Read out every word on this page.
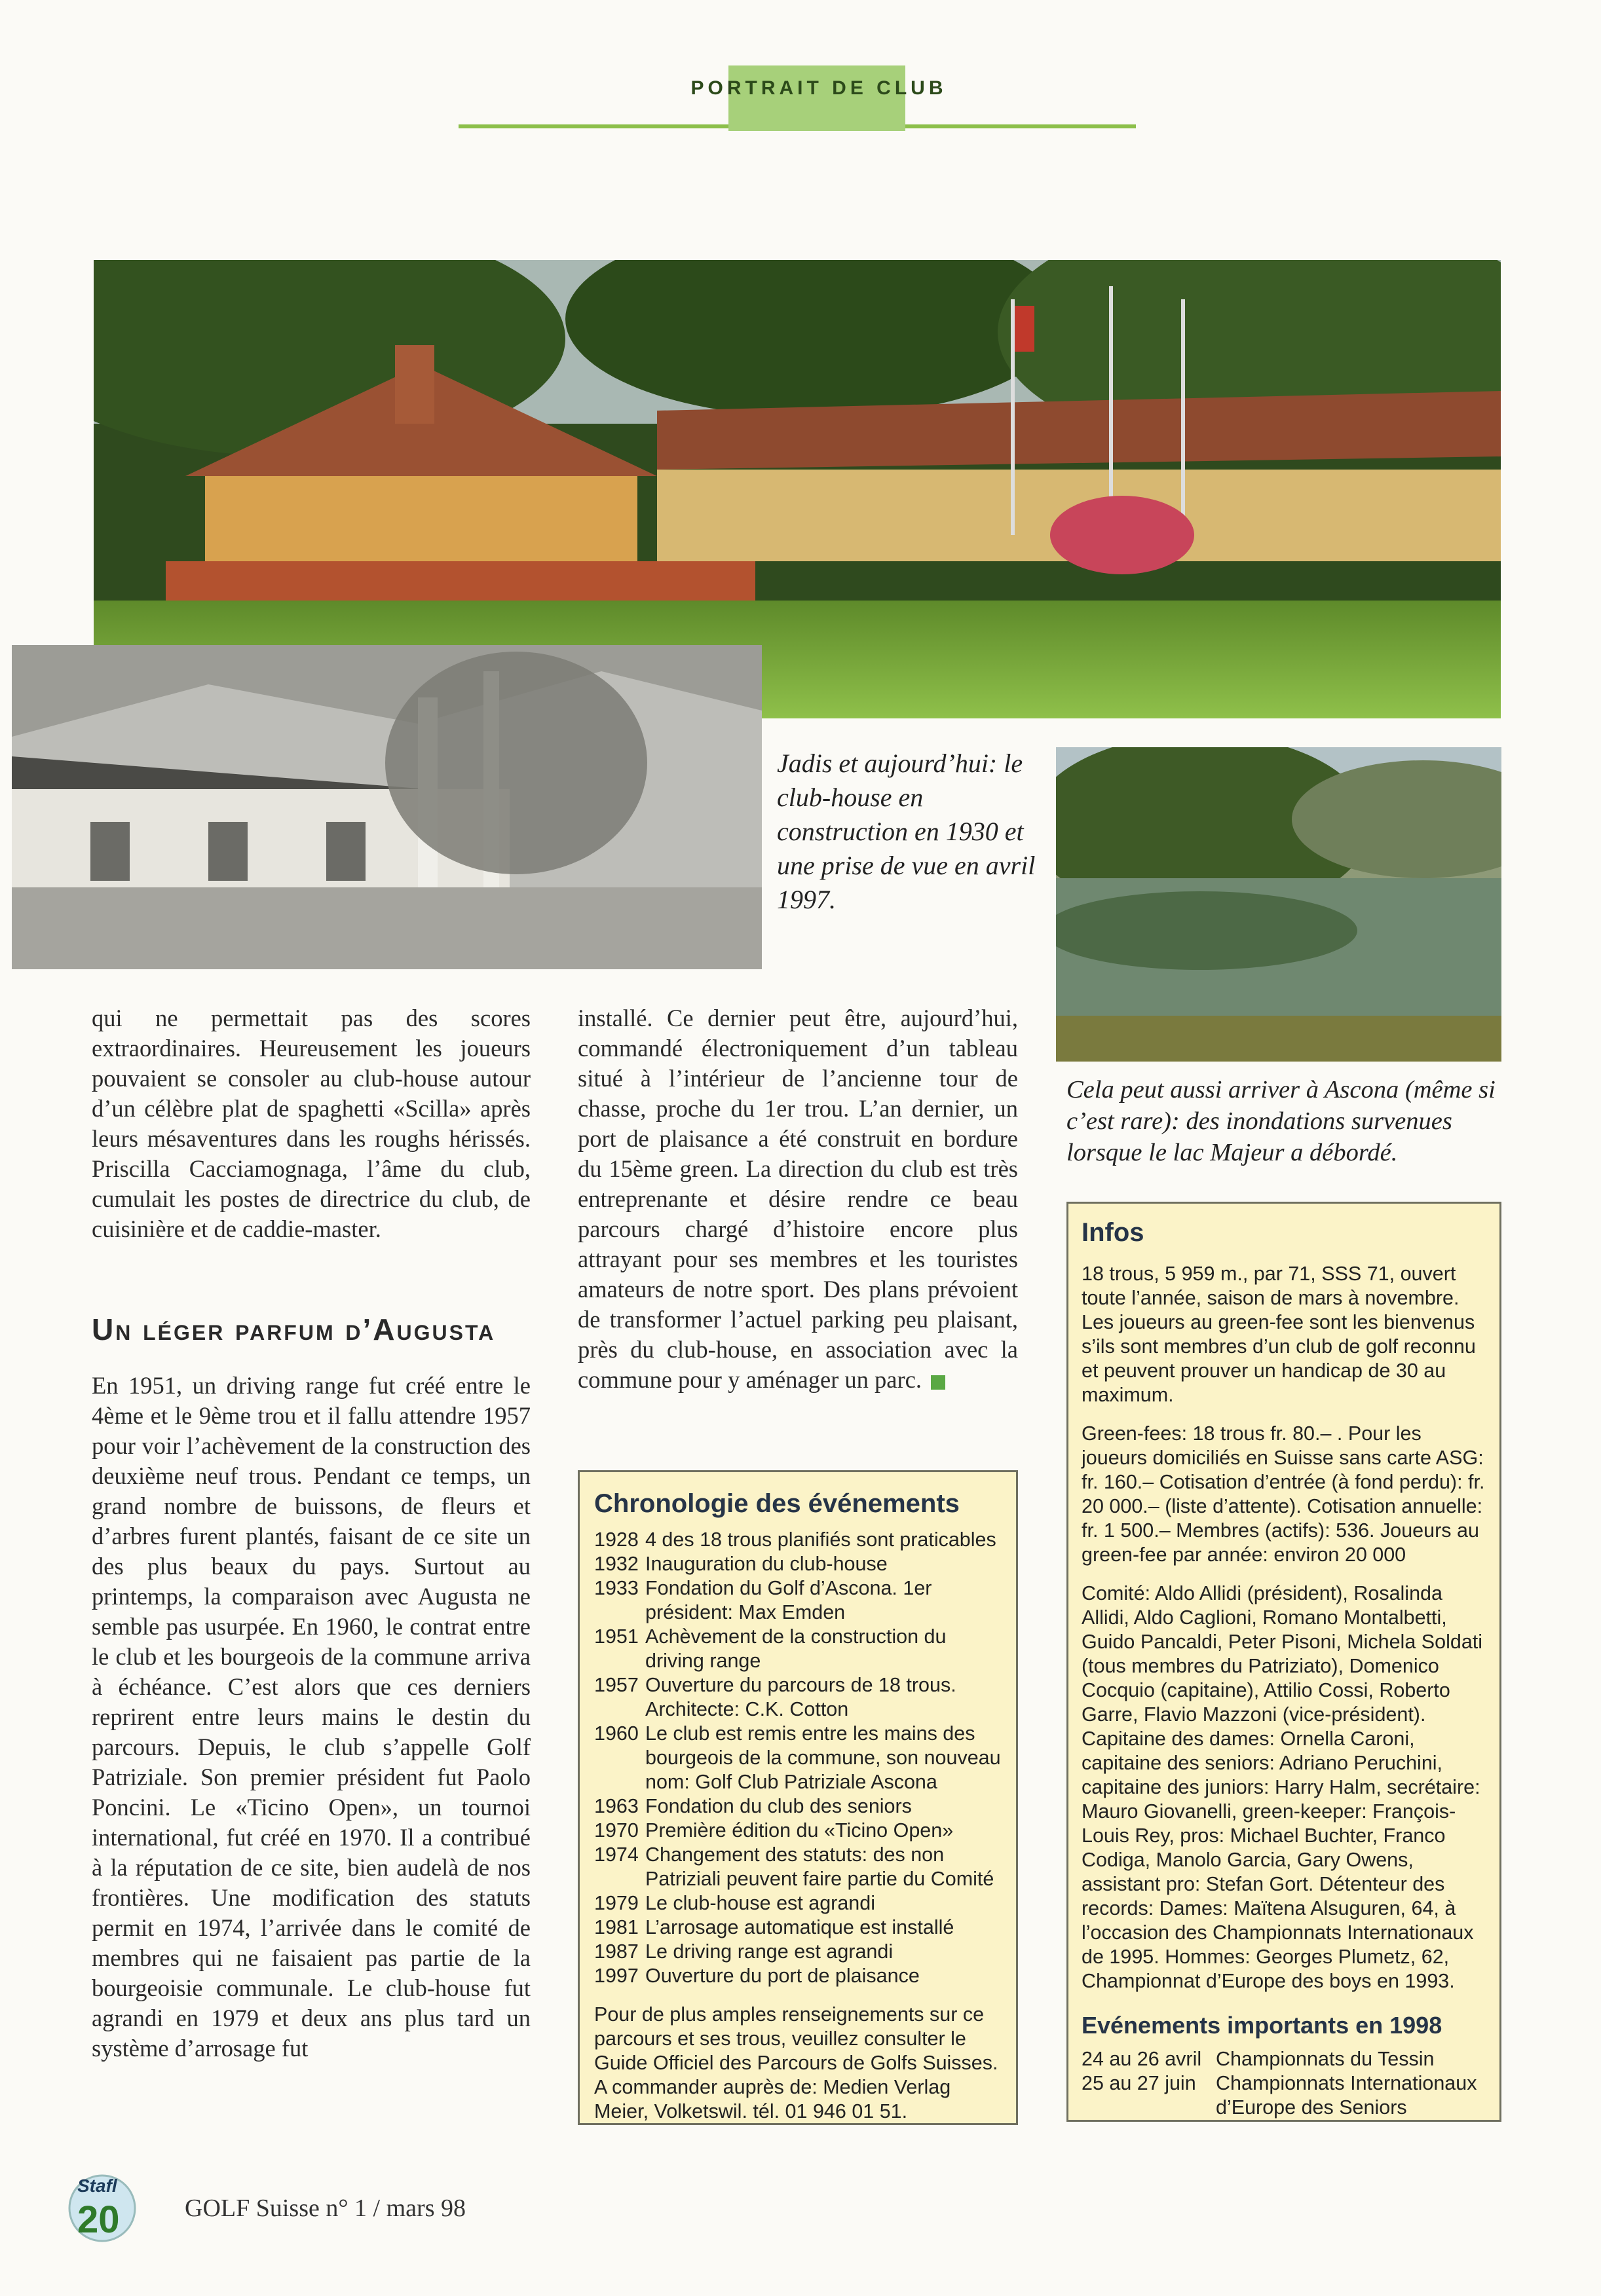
PORTRAIT DE CLUB
Jadis et aujourd’hui: le club-house en construction en 1930 et une prise de vue en avril 1997.
Cela peut aussi arriver à Ascona (même si c’est rare): des inondations survenues lorsque le lac Majeur a débordé.

qui ne permettait pas des scores extraordinaires. Heureusement les joueurs pouvaient se consoler au club-house autour d’un célèbre plat de spaghetti «Scilla» après leurs mésaventures dans les roughs hérissés. Priscilla Cacciamognaga, l’âme du club, cumulait les postes de directrice du club, de cuisinière et de caddie-master.

Un léger parfum d’Augusta

En 1951, un driving range fut créé entre le 4ème et le 9ème trou et il fallu attendre 1957 pour voir l’achèvement de la construction des deuxième neuf trous. Pendant ce temps, un grand nombre de buissons, de fleurs et d’arbres furent plantés, faisant de ce site un des plus beaux du pays. Surtout au printemps, la comparaison avec Augusta ne semble pas usurpée. En 1960, le contrat entre le club et les bourgeois de la commune arriva à échéance. C’est alors que ces derniers reprirent entre leurs mains le destin du parcours. Depuis, le club s’appelle Golf Patriziale. Son premier président fut Paolo Poncini. Le «Ticino Open», un tournoi international, fut créé en 1970. Il a contribué à la réputation de ce site, bien audelà de nos frontières. Une modification des statuts permit en 1974, l’arrivée dans le comité de membres qui ne faisaient pas partie de la bourgeoisie communale. Le club-house fut agrandi en 1979 et deux ans plus tard un système d’arrosage fut

installé. Ce dernier peut être, aujourd’hui, commandé électroniquement d’un tableau situé à l’intérieur de l’ancienne tour de chasse, proche du 1er trou. L’an dernier, un port de plaisance a été construit en bordure du 15ème green. La direction du club est très entreprenante et désire rendre ce beau parcours chargé d’histoire encore plus attrayant pour ses membres et les touristes amateurs de notre sport. Des plans prévoient de transformer l’actuel parking peu plaisant, près du club-house, en association avec la commune pour y aménager un parc.

Chronologie des événements
1928 4 des 18 trous planifiés sont praticables
1932 Inauguration du club-house
1933 Fondation du Golf d’Ascona. 1er président: Max Emden
1951 Achèvement de la construction du driving range
1957 Ouverture du parcours de 18 trous. Architecte: C.K. Cotton
1960 Le club est remis entre les mains des bourgeois de la commune, son nouveau nom: Golf Club Patriziale Ascona
1963 Fondation du club des seniors
1970 Première édition du «Ticino Open»
1974 Changement des statuts: des non Patriziali peuvent faire partie du Comité
1979 Le club-house est agrandi
1981 L’arrosage automatique est installé
1987 Le driving range est agrandi
1997 Ouverture du port de plaisance
Pour de plus amples renseignements sur ce parcours et ses trous, veuillez consulter le Guide Officiel des Parcours de Golfs Suisses. A commander auprès de: Medien Verlag Meier, Volketswil. tél. 01 946 01 51.
Infos
18 trous, 5 959 m., par 71, SSS 71, ouvert toute l’année, saison de mars à novembre. Les joueurs au green-fee sont les bienvenus s’ils sont membres d’un club de golf reconnu et peuvent prouver un handicap de 30 au maximum.
Green-fees: 18 trous fr. 80.– . Pour les joueurs domiciliés en Suisse sans carte ASG: fr. 160.– Cotisation d’entrée (à fond perdu): fr. 20 000.– (liste d’attente). Cotisation annuelle: fr. 1 500.– Membres (actifs): 536. Joueurs au green-fee par année: environ 20 000
Comité: Aldo Allidi (président), Rosalinda Allidi, Aldo Caglioni, Romano Montalbetti, Guido Pancaldi, Peter Pisoni, Michela Soldati (tous membres du Patriziato), Domenico Cocquio (capitaine), Attilio Cossi, Roberto Garre, Flavio Mazzoni (vice-président). Capitaine des dames: Ornella Caroni, capitaine des seniors: Adriano Peruchini, capitaine des juniors: Harry Halm, secrétaire: Mauro Giovanelli, green-keeper: François-Louis Rey, pros: Michael Buchter, Franco Codiga, Manolo Garcia, Gary Owens, assistant pro: Stefan Gort. Détenteur des records: Dames: Maïtena Alsuguren, 64, à l’occasion des Championnats Internationaux de 1995. Hommes: Georges Plumetz, 62, Championnat d’Europe des boys en 1993.
Evénements importants en 1998
24 au 26 avril Championnats du Tessin
25 au 27 juin Championnats Internationaux d’Europe des Seniors
Stafl
20	GOLF Suisse n° 1 / mars 98
